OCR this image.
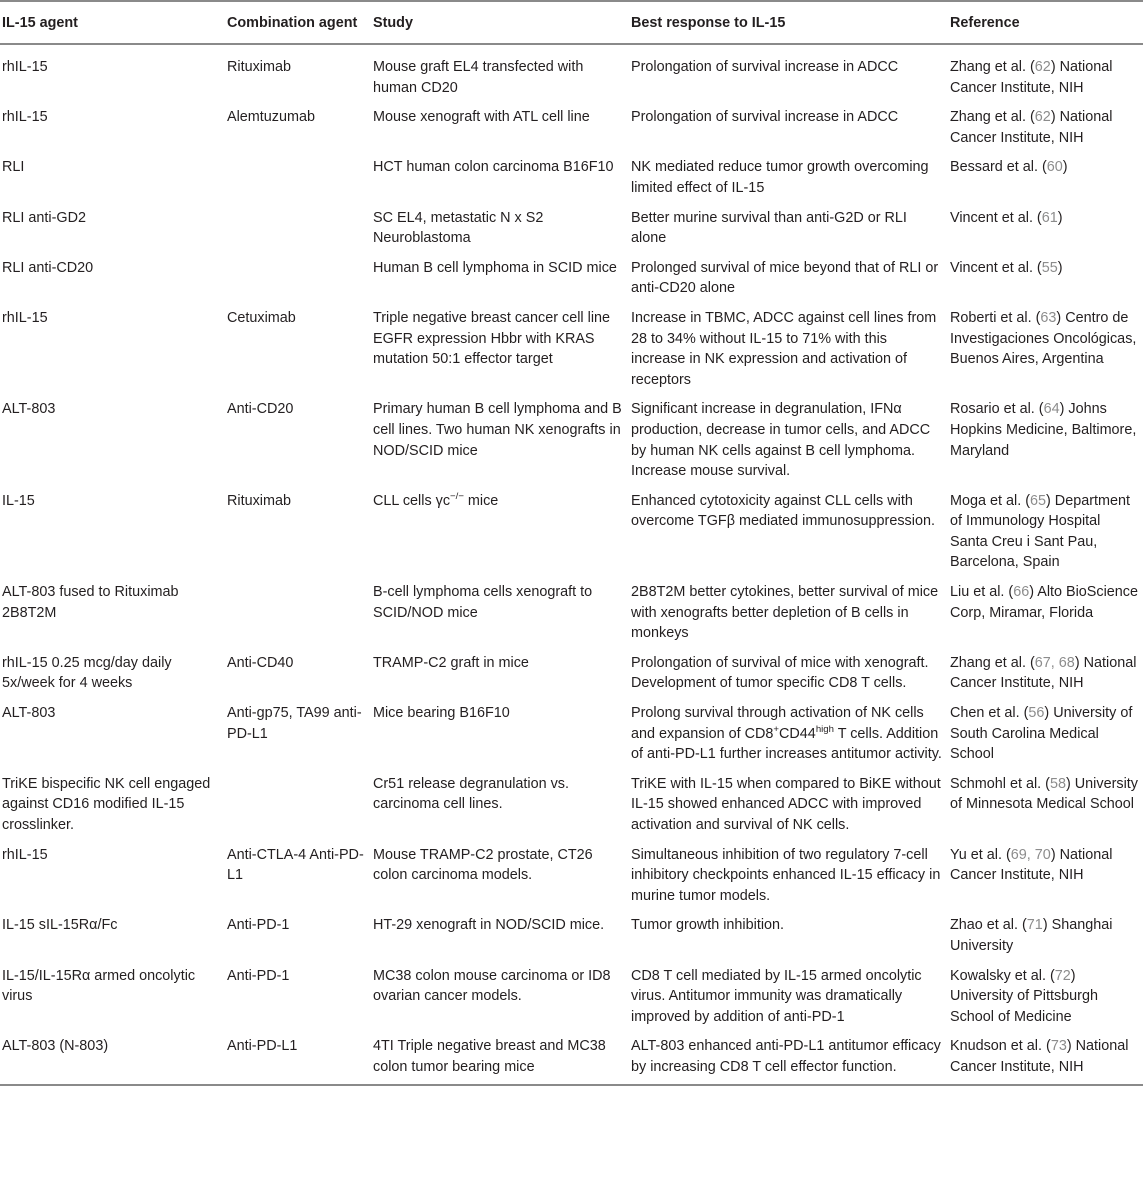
IL-15 agent	Combination agent	Study	Best response to IL-15	Reference
rhIL-15	Rituximab	Mouse graft EL4 transfected with human CD20	Prolongation of survival increase in ADCC	Zhang et al. (62) National Cancer Institute, NIH
rhIL-15	Alemtuzumab	Mouse xenograft with ATL cell line	Prolongation of survival increase in ADCC	Zhang et al. (62) National Cancer Institute, NIH
RLI		HCT human colon carcinoma B16F10	NK mediated reduce tumor growth overcoming limited effect of IL-15	Bessard et al. (60)
RLI anti-GD2		SC EL4, metastatic N x S2 Neuroblastoma	Better murine survival than anti-G2D or RLI alone	Vincent et al. (61)
RLI anti-CD20		Human B cell lymphoma in SCID mice	Prolonged survival of mice beyond that of RLI or anti-CD20 alone	Vincent et al. (55)
rhIL-15	Cetuximab	Triple negative breast cancer cell line EGFR expression Hbbr with KRAS mutation 50:1 effector target	Increase in TBMC, ADCC against cell lines from 28 to 34% without IL-15 to 71% with this increase in NK expression and activation of receptors	Roberti et al. (63) Centro de Investigaciones Oncológicas, Buenos Aires, Argentina
ALT-803	Anti-CD20	Primary human B cell lymphoma and B cell lines. Two human NK xenografts in NOD/SCID mice	Significant increase in degranulation, IFNα production, decrease in tumor cells, and ADCC by human NK cells against B cell lymphoma. Increase mouse survival.	Rosario et al. (64) Johns Hopkins Medicine, Baltimore, Maryland
IL-15	Rituximab	CLL cells γc−/− mice	Enhanced cytotoxicity against CLL cells with overcome TGFβ mediated immunosuppression.	Moga et al. (65) Department of Immunology Hospital Santa Creu i Sant Pau, Barcelona, Spain
ALT-803 fused to Rituximab 2B8T2M		B-cell lymphoma cells xenograft to SCID/NOD mice	2B8T2M better cytokines, better survival of mice with xenografts better depletion of B cells in monkeys	Liu et al. (66) Alto BioScience Corp, Miramar, Florida
rhIL-15 0.25 mcg/day daily 5x/week for 4 weeks	Anti-CD40	TRAMP-C2 graft in mice	Prolongation of survival of mice with xenograft. Development of tumor specific CD8 T cells.	Zhang et al. (67, 68) National Cancer Institute, NIH
ALT-803	Anti-gp75, TA99 anti-PD-L1	Mice bearing B16F10	Prolong survival through activation of NK cells and expansion of $CD8^+CD44^{high}$ T cells. Addition of anti-PD-L1 further increases antitumor activity.	Chen et al. (56) University of South Carolina Medical School
TriKE bispecific NK cell engaged against CD16 modified IL-15 crosslinker.		Cr51 release degranulation vs. carcinoma cell lines.	TriKE with IL-15 when compared to BiKE without IL-15 showed enhanced ADCC with improved activation and survival of NK cells.	Schmohl et al. (58) University of Minnesota Medical School
rhIL-15	Anti-CTLA-4 Anti-PD-L1	Mouse TRAMP-C2 prostate, CT26 colon carcinoma models.	Simultaneous inhibition of two regulatory 7-cell inhibitory checkpoints enhanced IL-15 efficacy in murine tumor models.	Yu et al. (69, 70) National Cancer Institute, NIH
IL-15 sIL-15Rα/Fc	Anti-PD-1	HT-29 xenograft in NOD/SCID mice.	Tumor growth inhibition.	Zhao et al. (71) Shanghai University
IL-15/IL-15Rα armed oncolytic virus	Anti-PD-1	MC38 colon mouse carcinoma or ID8 ovarian cancer models.	CD8 T cell mediated by IL-15 armed oncolytic virus. Antitumor immunity was dramatically improved by addition of anti-PD-1	Kowalsky et al. (72) University of Pittsburgh School of Medicine
ALT-803 (N-803)	Anti-PD-L1	4TI Triple negative breast and MC38 colon tumor bearing mice	ALT-803 enhanced anti-PD-L1 antitumor efficacy by increasing CD8 T cell effector function.	Knudson et al. (73) National Cancer Institute, NIH
